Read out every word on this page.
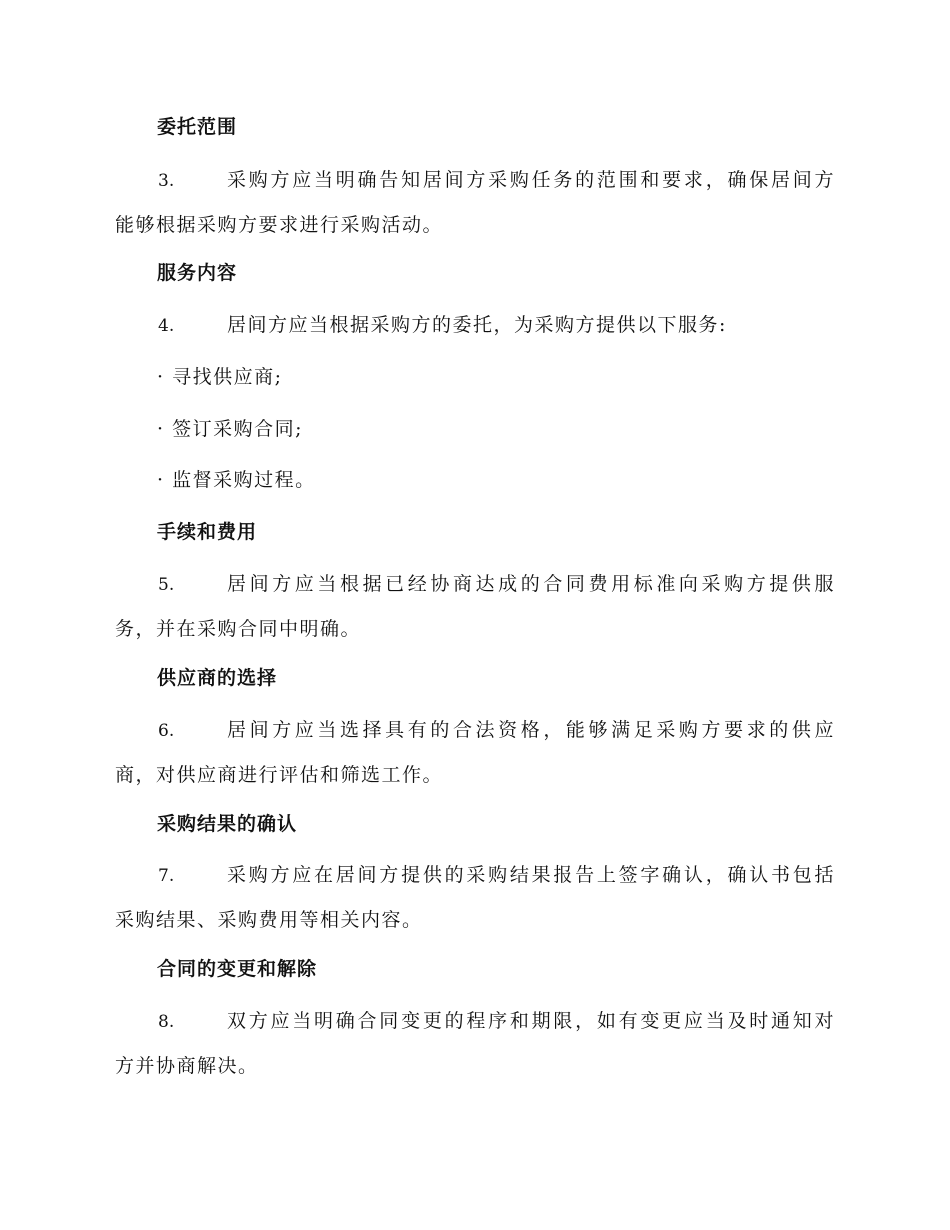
委托范围
3.	采购方应当明确告知居间方采购任务的范围和要求，确保居间方
能够根据采购方要求进行采购活动。
服务内容
4.	居间方应当根据采购方的委托，为采购方提供以下服务:
· 寻找供应商;
· 签订采购合同;
· 监督采购过程。
手续和费用
5.	居间方应当根据已经协商达成的合同费用标准向采购方提供服
务，并在采购合同中明确。
供应商的选择
6.	居间方应当选择具有的合法资格，能够满足采购方要求的供应
商，对供应商进行评估和筛选工作。
采购结果的确认
7.	采购方应在居间方提供的采购结果报告上签字确认，确认书包括
采购结果、采购费用等相关内容。
合同的变更和解除
8.	双方应当明确合同变更的程序和期限，如有变更应当及时通知对
方并协商解决。
